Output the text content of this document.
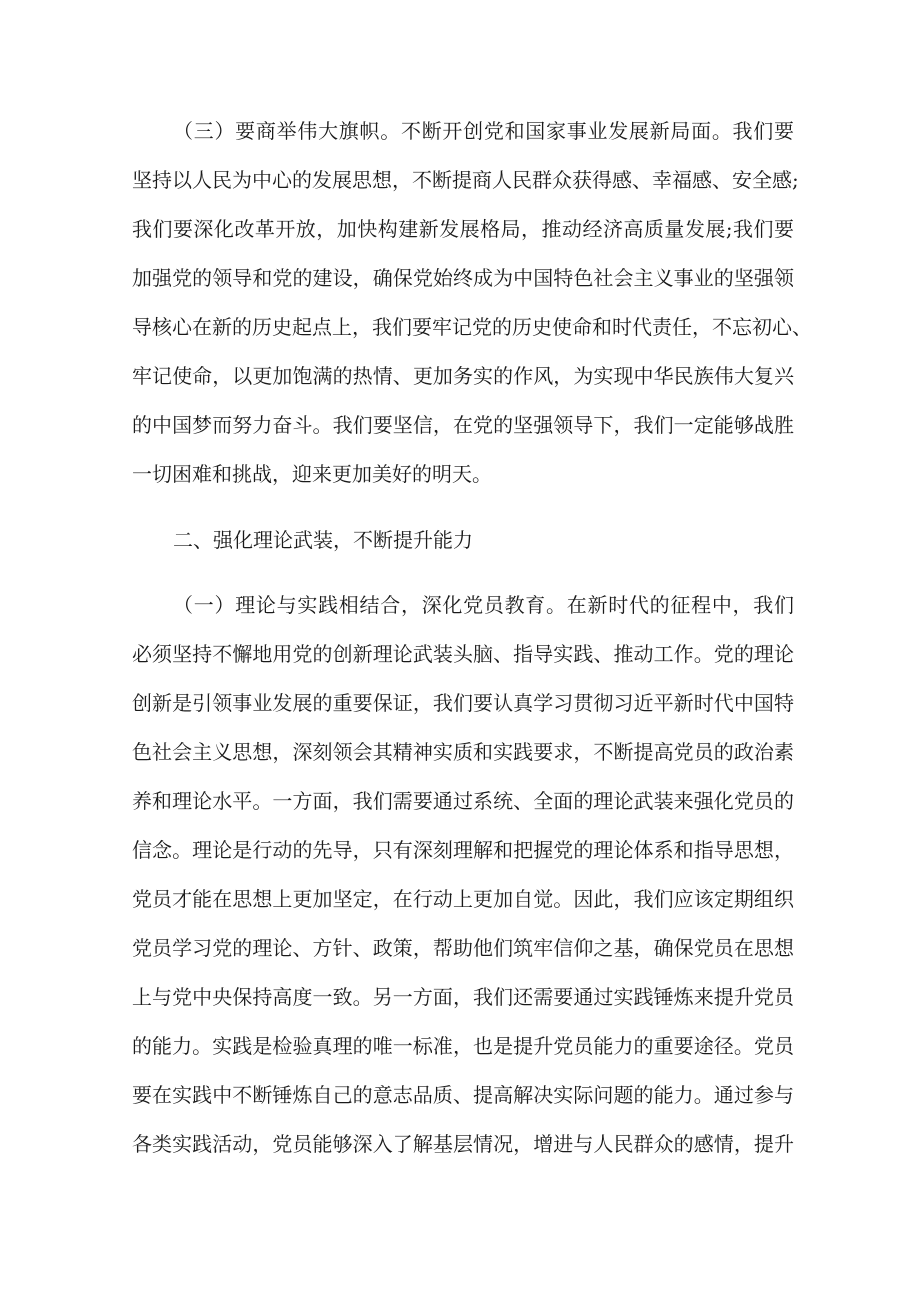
（三）要商举伟大旗帜。不断开创党和国家事业发展新局面。我们要
坚持以人民为中心的发展思想，不断提商人民群众获得感、幸福感、安全感;
我们要深化改革开放，加快构建新发展格局，推动经济高质量发展;我们要
加强党的领导和党的建设，确保党始终成为中国特色社会主义事业的坚强领
导核心在新的历史起点上，我们要牢记党的历史使命和时代责任，不忘初心、
牢记使命，以更加饱满的热情、更加务实的作风，为实现中华民族伟大复兴
的中国梦而努力奋斗。我们要坚信，在党的坚强领导下，我们一定能够战胜
一切困难和挑战，迎来更加美好的明天。
二、强化理论武装，不断提升能力
（一）理论与实践相结合，深化党员教育。在新时代的征程中，我们
必须坚持不懈地用党的创新理论武装头脑、指导实践、推动工作。党的理论
创新是引领事业发展的重要保证，我们要认真学习贯彻习近平新时代中国特
色社会主义思想，深刻领会其精神实质和实践要求，不断提高党员的政治素
养和理论水平。一方面，我们需要通过系统、全面的理论武装来强化党员的
信念。理论是行动的先导，只有深刻理解和把握党的理论体系和指导思想，
党员才能在思想上更加坚定，在行动上更加自觉。因此，我们应该定期组织
党员学习党的理论、方针、政策，帮助他们筑牢信仰之基，确保党员在思想
上与党中央保持高度一致。另一方面，我们还需要通过实践锤炼来提升党员
的能力。实践是检验真理的唯一标准，也是提升党员能力的重要途径。党员
要在实践中不断锤炼自己的意志品质、提高解决实际问题的能力。通过参与
各类实践活动，党员能够深入了解基层情况，增进与人民群众的感情，提升
